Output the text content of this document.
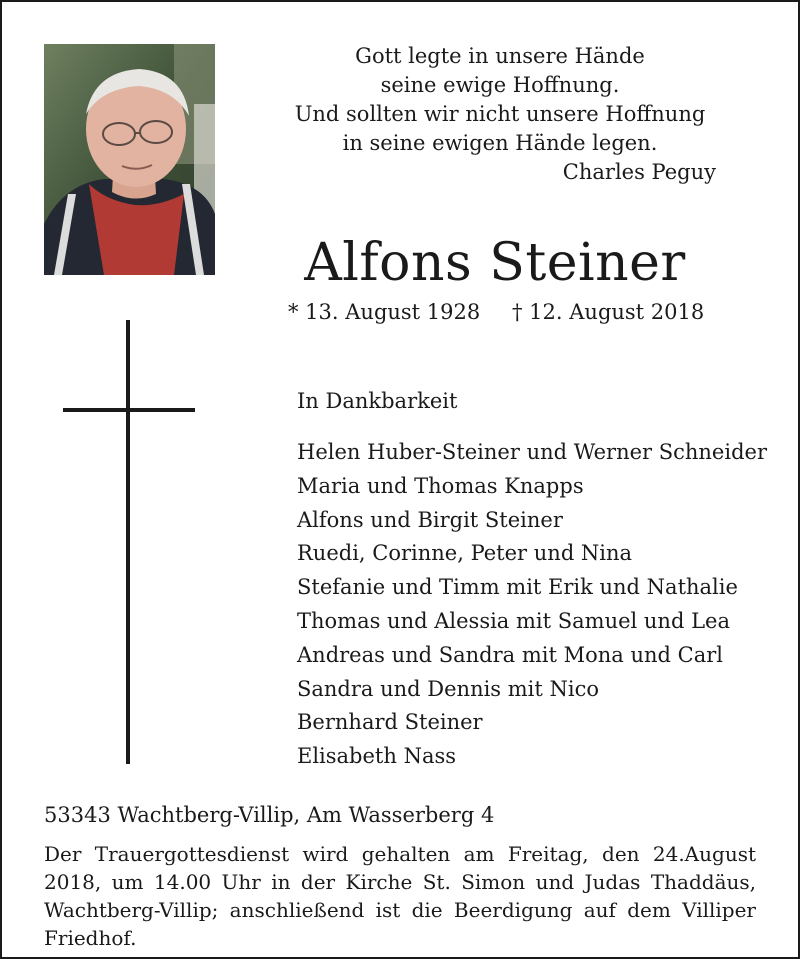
Gott legte in unsere Hände
seine ewige Hoffnung.
Und sollten wir nicht unsere Hoffnung
in seine ewigen Hände legen.
Charles Peguy
Alfons Steiner
* 13. August 1928 † 12. August 2018
In Dankbarkeit
Helen Huber-Steiner und Werner Schneider
Maria und Thomas Knapps
Alfons und Birgit Steiner
Ruedi, Corinne, Peter und Nina
Stefanie und Timm mit Erik und Nathalie
Thomas und Alessia mit Samuel und Lea
Andreas und Sandra mit Mona und Carl
Sandra und Dennis mit Nico
Bernhard Steiner
Elisabeth Nass
53343 Wachtberg-Villip, Am Wasserberg 4
Der Trauergottesdienst wird gehalten am Freitag, den 24.August 2018, um 14.00 Uhr in der Kirche St. Simon und Judas Thaddäus, Wachtberg-Villip; anschließend ist die Beerdigung auf dem Villiper Friedhof.
